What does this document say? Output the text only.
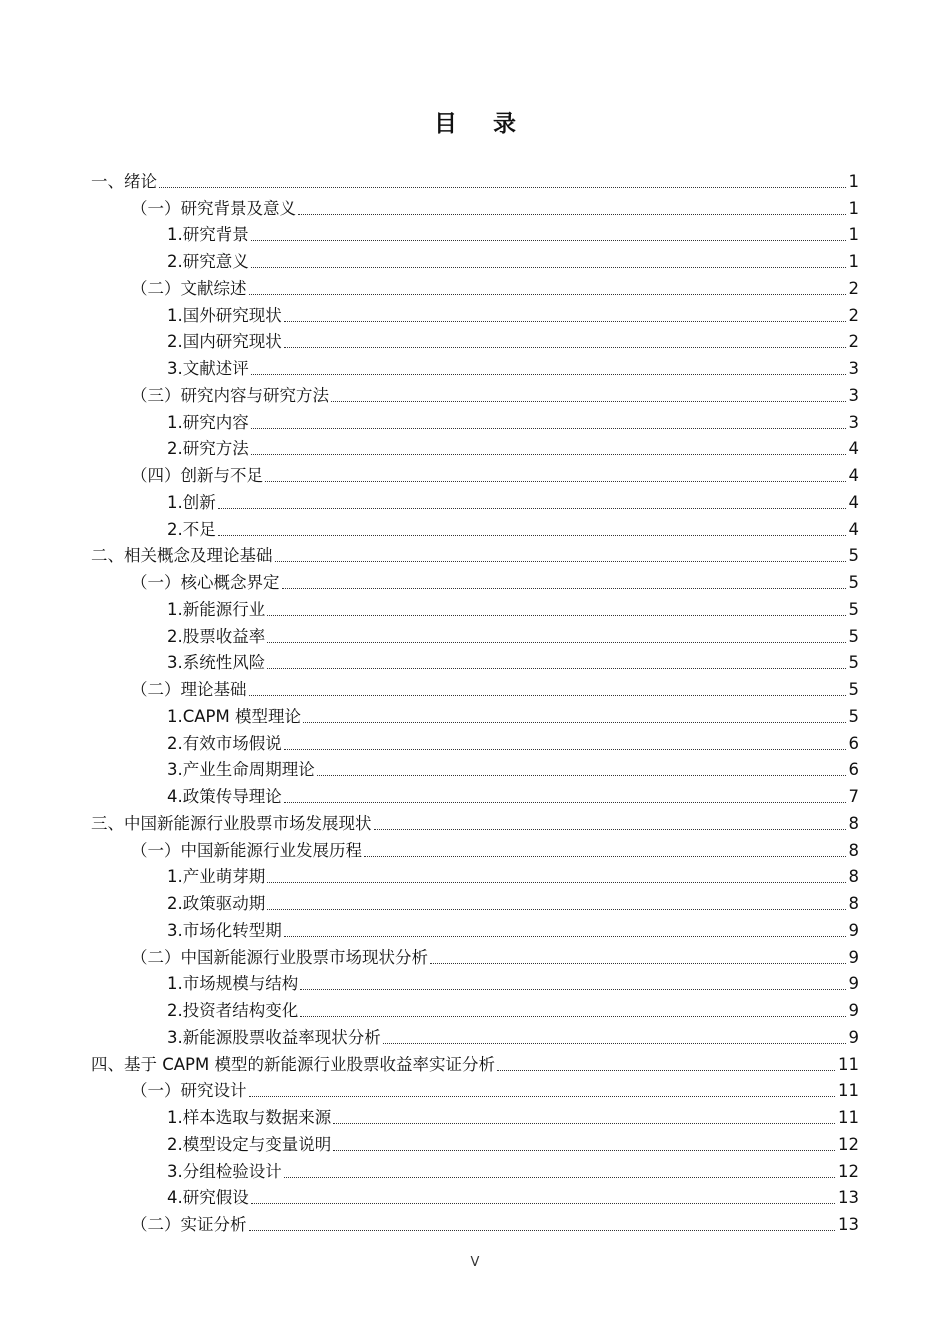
目 录
一、绪论	1
（一）研究背景及意义	1
1.研究背景	1
2.研究意义	1
（二）文献综述	2
1.国外研究现状	2
2.国内研究现状	2
3.文献述评	3
（三）研究内容与研究方法	3
1.研究内容	3
2.研究方法	4
（四）创新与不足	4
1.创新	4
2.不足	4
二、相关概念及理论基础	5
（一）核心概念界定	5
1.新能源行业	5
2.股票收益率	5
3.系统性风险	5
（二）理论基础	5
1.CAPM 模型理论	5
2.有效市场假说	6
3.产业生命周期理论	6
4.政策传导理论	7
三、中国新能源行业股票市场发展现状	8
（一）中国新能源行业发展历程	8
1.产业萌芽期	8
2.政策驱动期	8
3.市场化转型期	9
（二）中国新能源行业股票市场现状分析	9
1.市场规模与结构	9
2.投资者结构变化	9
3.新能源股票收益率现状分析	9
四、基于 CAPM 模型的新能源行业股票收益率实证分析	11
（一）研究设计	11
1.样本选取与数据来源	11
2.模型设定与变量说明	12
3.分组检验设计	12
4.研究假设	13
（二）实证分析	13
V
